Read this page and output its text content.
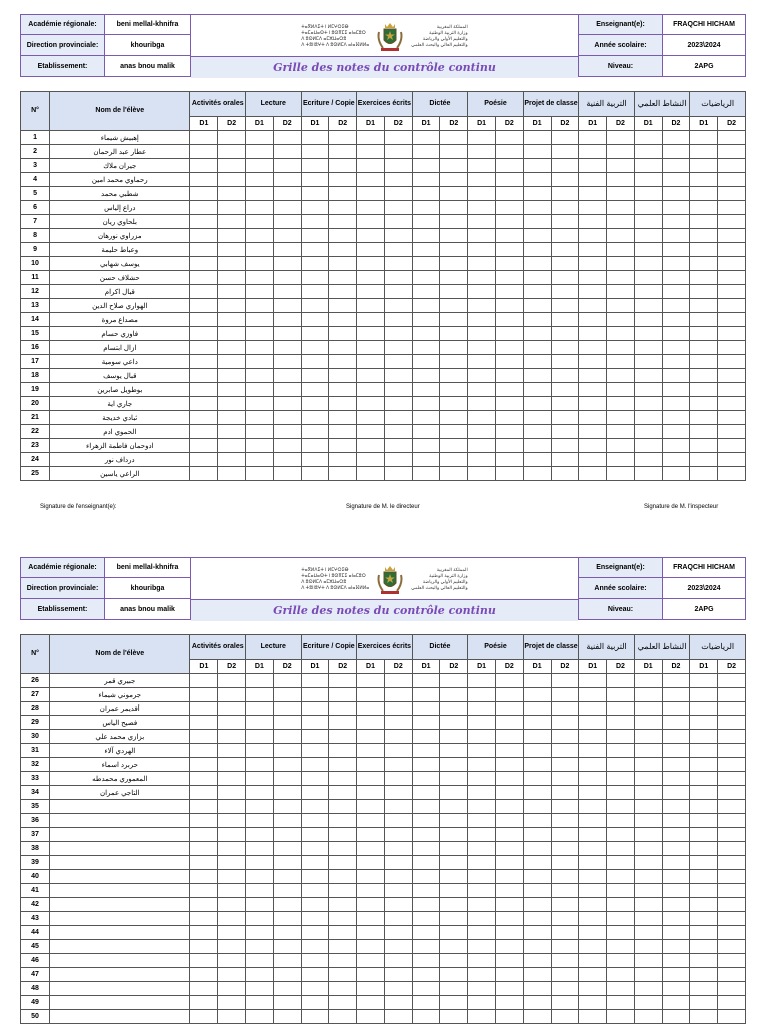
Académie régionale:	beni mellal-khnifra
Direction provinciale:	khouribga
Etablissement:	anas bnou malik
ⵜⴰⴳⵍⴷⵉⵜ ⵏ ⵍⵎⵖⵔⵉⴱ
ⵜⴰⵎⴰⵡⴰⵙⵜ ⵏ ⵓⵙⴳⵎⵉ ⴰⵏⴰⵎⵓⵔ
ⴷ ⵓⵙⵍⵎⴷ ⴰⵎⵣⵡⴰⵔⵓ
ⴷ ⵜⵓⵏⵏⵓⵖⵜ ⴷ ⵓⵙⵍⵎⴷ ⴰⵏⴰⴼⵍⵍⴰ
المملكة المغربية
وزارة التربية الوطنية
والتعليم الأولي والرياضة
والتعليم العالي والبحث العلمي
Grille des notes du contrôle continu
Enseignant(e):	FRAQCHI HICHAM
Année scolaire:	2023\2024
Niveau:	2APG
N°	Nom de l'élève	Activités orales		Lecture		Ecriture / Copie		Exercices écrits		Dictée		Poésie		Projet de classe		التربية الفنية		النشاط العلمي		الرياضيات	
		D1	D2	D1	D2	D1	D2	D1	D2	D1	D2	D1	D2	D1	D2	D1	D2	D1	D2	D1	D2
1	إهبيش شيماء																				
2	عطار عبد الرحمان																				
3	جيران ملاك																				
4	رحماوي محمد امين																				
5	شطبي محمد																				
6	دراع إلياس																				
7	بلحاوي ريان																				
8	مزراوي نورهان																				
9	وعباط حليمة																				
10	يوسف شهابي																				
11	حشلاف حسن																				
12	قبال اكرام																				
13	الهواري صلاح الدين																				
14	مصداع مروة																				
15	فاوزي حسام																				
16	ازال ابتسام																				
17	داعي سومية																				
18	قبال يوسف																				
19	بوطويل صابرين																				
20	جاري اية																				
21	ثبادي خديجة																				
22	الحموي ادم																				
23	ادوحمان فاطمة الزهراء																				
24	درداف نور																				
25	الراعي ياسين																				
Signature de l'enseignant(e):	Signature de M. le directeur	Signature de M. l'inspecteur
Académie régionale:	beni mellal-khnifra
Direction provinciale:	khouribga
Etablissement:	anas bnou malik
ⵜⴰⴳⵍⴷⵉⵜ ⵏ ⵍⵎⵖⵔⵉⴱ
ⵜⴰⵎⴰⵡⴰⵙⵜ ⵏ ⵓⵙⴳⵎⵉ ⴰⵏⴰⵎⵓⵔ
ⴷ ⵓⵙⵍⵎⴷ ⴰⵎⵣⵡⴰⵔⵓ
ⴷ ⵜⵓⵏⵏⵓⵖⵜ ⴷ ⵓⵙⵍⵎⴷ ⴰⵏⴰⴼⵍⵍⴰ
المملكة المغربية
وزارة التربية الوطنية
والتعليم الأولي والرياضة
والتعليم العالي والبحث العلمي
Grille des notes du contrôle continu
Enseignant(e):	FRAQCHI HICHAM
Année scolaire:	2023\2024
Niveau:	2APG
N°	Nom de l'élève	Activités orales		Lecture		Ecriture / Copie		Exercices écrits		Dictée		Poésie		Projet de classe		التربية الفنية		النشاط العلمي		الرياضيات	
		D1	D2	D1	D2	D1	D2	D1	D2	D1	D2	D1	D2	D1	D2	D1	D2	D1	D2	D1	D2
26	جبيري قمر																				
27	جرموني شيماء																				
28	أقديمر عمران																				
29	فصيح الياس																				
30	بزازي محمد علي																				
31	الهردي آلاء																				
32	حربرد اسماء																				
33	المعموري محمدطه																				
34	التاجي عمران																				
35																					
36																					
37																					
38																					
39																					
40																					
41																					
42																					
43																					
44																					
45																					
46																					
47																					
48																					
49																					
50																					
